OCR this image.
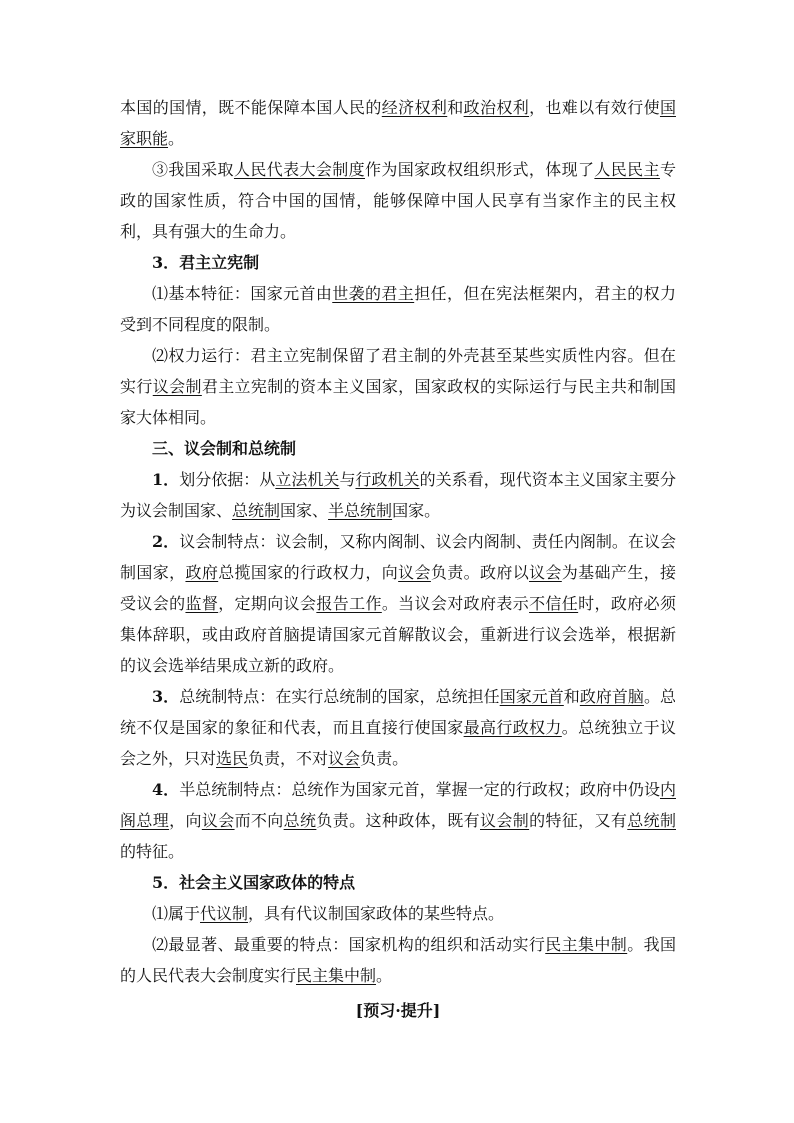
本国的国情，既不能保障本国人民的经济权利和政治权利，也难以有效行使国家职能。

③我国采取人民代表大会制度作为国家政权组织形式，体现了人民民主专政的国家性质，符合中国的国情，能够保障中国人民享有当家作主的民主权利，具有强大的生命力。

3．君主立宪制

⑴基本特征：国家元首由世袭的君主担任，但在宪法框架内，君主的权力受到不同程度的限制。

⑵权力运行：君主立宪制保留了君主制的外壳甚至某些实质性内容。但在实行议会制君主立宪制的资本主义国家，国家政权的实际运行与民主共和制国家大体相同。

三、议会制和总统制

1．划分依据：从立法机关与行政机关的关系看，现代资本主义国家主要分为议会制国家、总统制国家、半总统制国家。

2．议会制特点：议会制，又称内阁制、议会内阁制、责任内阁制。在议会制国家，政府总揽国家的行政权力，向议会负责。政府以议会为基础产生，接受议会的监督，定期向议会报告工作。当议会对政府表示不信任时，政府必须集体辞职，或由政府首脑提请国家元首解散议会，重新进行议会选举，根据新的议会选举结果成立新的政府。

3．总统制特点：在实行总统制的国家，总统担任国家元首和政府首脑。总统不仅是国家的象征和代表，而且直接行使国家最高行政权力。总统独立于议会之外，只对选民负责，不对议会负责。

4．半总统制特点：总统作为国家元首，掌握一定的行政权；政府中仍设内阁总理，向议会而不向总统负责。这种政体，既有议会制的特征，又有总统制的特征。

5．社会主义国家政体的特点

⑴属于代议制，具有代议制国家政体的某些特点。

⑵最显著、最重要的特点：国家机构的组织和活动实行民主集中制。我国的人民代表大会制度实行民主集中制。

[预习·提升]
